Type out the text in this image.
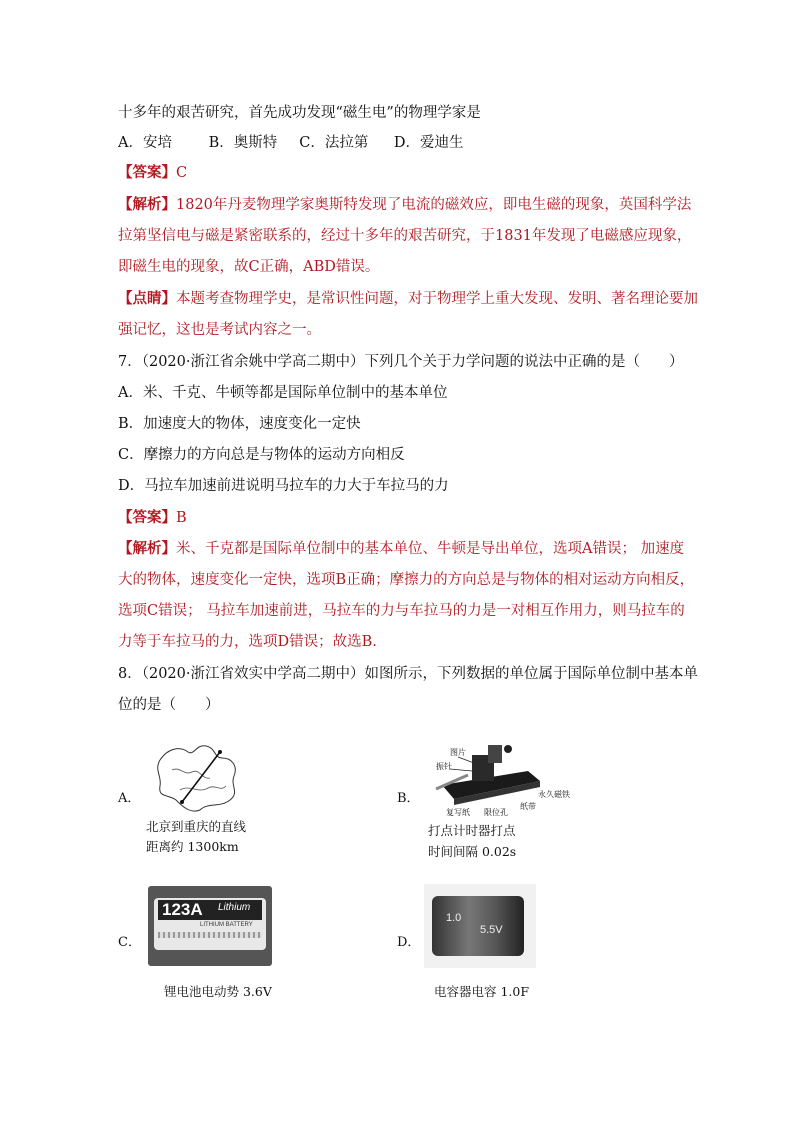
十多年的艰苦研究，首先成功发现“磁生电”的物理学家是
A．安培	B．奥斯特 C．法拉第 D．爱迪生
【答案】C
【解析】1820年丹麦物理学家奥斯特发现了电流的磁效应，即电生磁的现象，英国科学法
拉第坚信电与磁是紧密联系的，经过十多年的艰苦研究，于1831年发现了电磁感应现象，
即磁生电的现象，故C正确，ABD错误。
【点睛】本题考查物理学史，是常识性问题，对于物理学上重大发现、发明、著名理论要加
强记忆，这也是考试内容之一。
7．（2020·浙江省余姚中学高二期中）下列几个关于力学问题的说法中正确的是（　　）
A．米、千克、牛顿等都是国际单位制中的基本单位
B．加速度大的物体，速度变化一定快
C．摩擦力的方向总是与物体的运动方向相反
D．马拉车加速前进说明马拉车的力大于车拉马的力
【答案】B
【解析】米、千克都是国际单位制中的基本单位、牛顿是导出单位，选项A错误； 加速度
大的物体，速度变化一定快，选项B正确；摩擦力的方向总是与物体的相对运动方向相反，
选项C错误； 马拉车加速前进，马拉车的力与车拉马的力是一对相互作用力，则马拉车的
力等于车拉马的力，选项D错误；故选B.
8．（2020·浙江省效实中学高二期中）如图所示，下列数据的单位属于国际单位制中基本单
位的是（　　）
A．
北京到重庆的直线
距离约 1300km
B．
图片
振针
永久磁铁
复写纸 限位孔
纸带
打点计时器打点
时间间隔 0.02s
C．
123A Lithium
LITHIUM BATTERY
锂电池电动势 3.6V
D．
1.0
5.5V
电容器电容 1.0F
